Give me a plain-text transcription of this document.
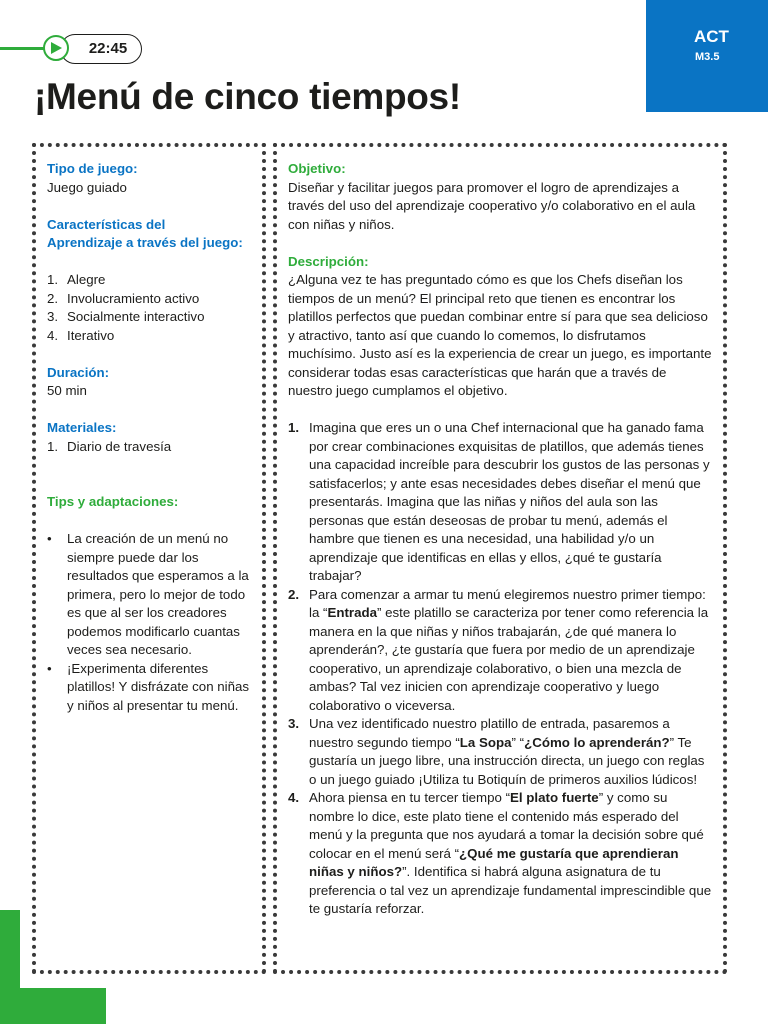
22:45
ACT
M3.5
¡Menú de cinco tiempos!

Tipo de juego:

Juego guiado

Características del

Aprendizaje a través del juego:

1. Alegre
2. Involucramiento activo
3. Socialmente interactivo
4. Iterativo

Duración:

50 min

Materiales:

1. Diario de travesía

Tips y adaptaciones:

•	La creación de un menú no siempre puede dar los resultados que esperamos a la primera, pero lo mejor de todo es que al ser los creadores podemos modificarlo cuantas veces sea necesario.
•	¡Experimenta diferentes platillos! Y disfrázate con niñas y niños al presentar tu menú.

Objetivo:

Diseñar y facilitar juegos para promover el logro de aprendizajes a través del uso del aprendizaje cooperativo y/o colaborativo en el aula con niñas y niños.

Descripción:

¿Alguna vez te has preguntado cómo es que los Chefs diseñan los tiempos de un menú? El principal reto que tienen es encontrar los platillos perfectos que puedan combinar entre sí para que sea delicioso y atractivo, tanto así que cuando lo comemos, lo disfrutamos muchísimo. Justo así es la experiencia de crear un juego, es importante considerar todas esas características que harán que a través de nuestro juego cumplamos el objetivo.

1. Imagina que eres un o una Chef internacional que ha ganado fama por crear combinaciones exquisitas de platillos, que además tienes una capacidad increíble para descubrir los gustos de las personas y satisfacerlos; y ante esas necesidades debes diseñar el menú que presentarás. Imagina que las niñas y niños del aula son las personas que están deseosas de probar tu menú, además el hambre que tienen es una necesidad, una habilidad y/o un aprendizaje que identificas en ellas y ellos, ¿qué te gustaría trabajar?
2. Para comenzar a armar tu menú elegiremos nuestro primer tiempo: la “Entrada” este platillo se caracteriza por tener como referencia la manera en la que niñas y niños trabajarán, ¿de qué manera lo aprenderán?, ¿te gustaría que fuera por medio de un aprendizaje cooperativo, un aprendizaje colaborativo, o bien una mezcla de ambas? Tal vez inicien con aprendizaje cooperativo y luego colaborativo o viceversa.
3. Una vez identificado nuestro platillo de entrada, pasaremos a nuestro segundo tiempo “La Sopa” “¿Cómo lo aprenderán?” Te gustaría un juego libre, una instrucción directa, un juego con reglas o un juego guiado ¡Utiliza tu Botiquín de primeros auxilios lúdicos!
4. Ahora piensa en tu tercer tiempo “El plato fuerte” y como su nombre lo dice, este plato tiene el contenido más esperado del menú y la pregunta que nos ayudará a tomar la decisión sobre qué colocar en el menú será “¿Qué me gustaría que aprendieran niñas y niños?”. Identifica si habrá alguna asignatura de tu preferencia o tal vez un aprendizaje fundamental imprescindible que te gustaría reforzar.
